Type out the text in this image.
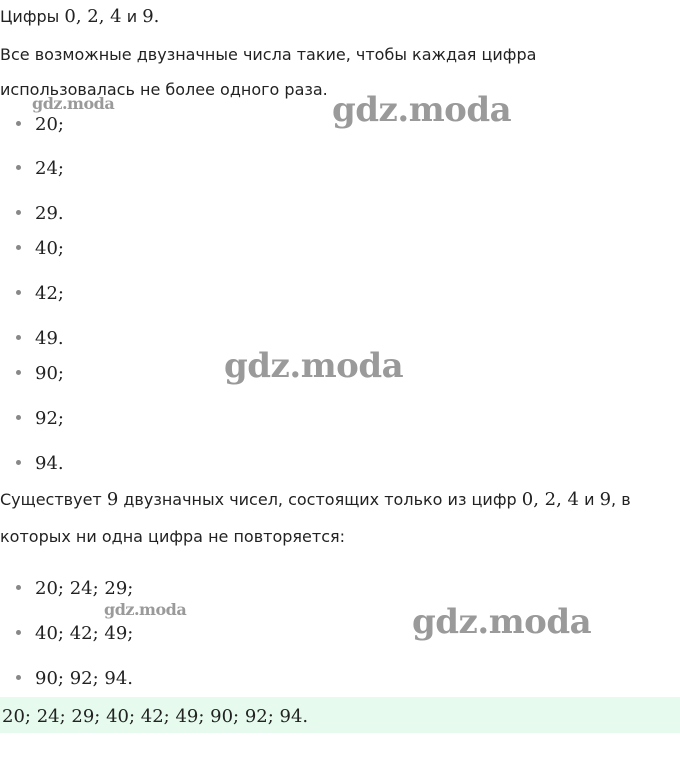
Цифры 0, 2, 4 и 9.
Все возможные двузначные числа такие, чтобы каждая цифра
использовалась не более одного раза.
20;
24;
29.
40;
42;
49.
90;
92;
94.
Существует 9 двузначных чисел, состоящих только из цифр 0, 2, 4 и 9, в
которых ни одна цифра не повторяется:
20; 24; 29;
40; 42; 49;
90; 92; 94.
20; 24; 29; 40; 42; 49; 90; 92; 94.
gdz.moda	gdz.moda
gdz.moda
gdz.moda	gdz.moda
